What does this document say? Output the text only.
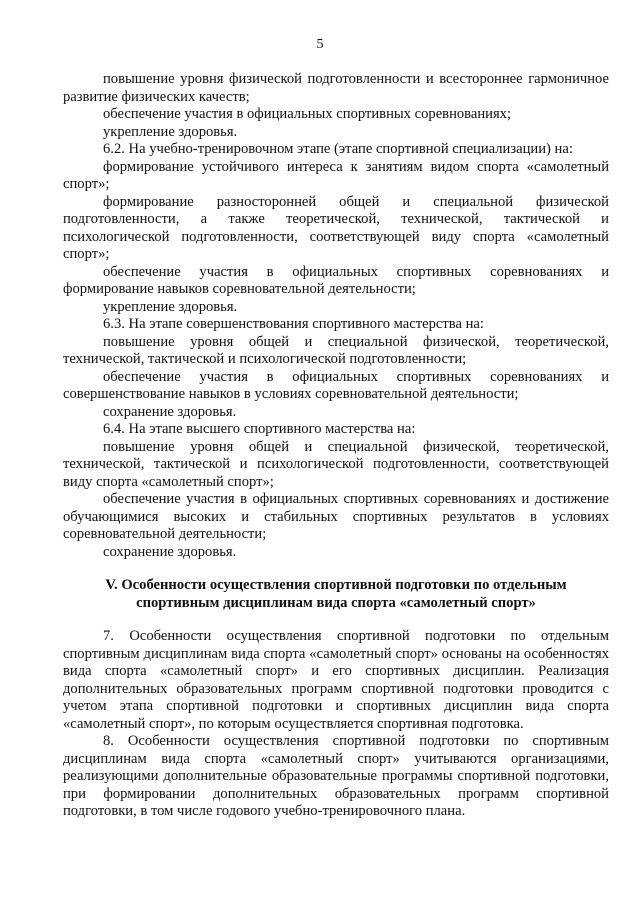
5

повышение уровня физической подготовленности и всестороннее гармоничное развитие физических качеств;

обеспечение участия в официальных спортивных соревнованиях;

укрепление здоровья.

6.2. На учебно-тренировочном этапе (этапе спортивной специализации) на:

формирование устойчивого интереса к занятиям видом спорта «самолетный спорт»;

формирование разносторонней общей и специальной физической подготовленности, а также теоретической, технической, тактической и психологической подготовленности, соответствующей виду спорта «самолетный спорт»;

обеспечение участия в официальных спортивных соревнованиях и формирование навыков соревновательной деятельности;

укрепление здоровья.

6.3. На этапе совершенствования спортивного мастерства на:

повышение уровня общей и специальной физической, теоретической, технической, тактической и психологической подготовленности;

обеспечение участия в официальных спортивных соревнованиях и совершенствование навыков в условиях соревновательной деятельности;

сохранение здоровья.

6.4. На этапе высшего спортивного мастерства на:

повышение уровня общей и специальной физической, теоретической, технической, тактической и психологической подготовленности, соответствующей виду спорта «самолетный спорт»;

обеспечение участия в официальных спортивных соревнованиях и достижение обучающимися высоких и стабильных спортивных результатов в условиях соревновательной деятельности;

сохранение здоровья.

V. Особенности осуществления спортивной подготовки по отдельным

спортивным дисциплинам вида спорта «самолетный спорт»

7. Особенности осуществления спортивной подготовки по отдельным спортивным дисциплинам вида спорта «самолетный спорт» основаны на особенностях вида спорта «самолетный спорт» и его спортивных дисциплин. Реализация дополнительных образовательных программ спортивной подготовки проводится с учетом этапа спортивной подготовки и спортивных дисциплин вида спорта «самолетный спорт», по которым осуществляется спортивная подготовка.

8. Особенности осуществления спортивной подготовки по спортивным дисциплинам вида спорта «самолетный спорт» учитываются организациями, реализующими дополнительные образовательные программы спортивной подготовки, при формировании дополнительных образовательных программ спортивной подготовки, в том числе годового учебно-тренировочного плана.
